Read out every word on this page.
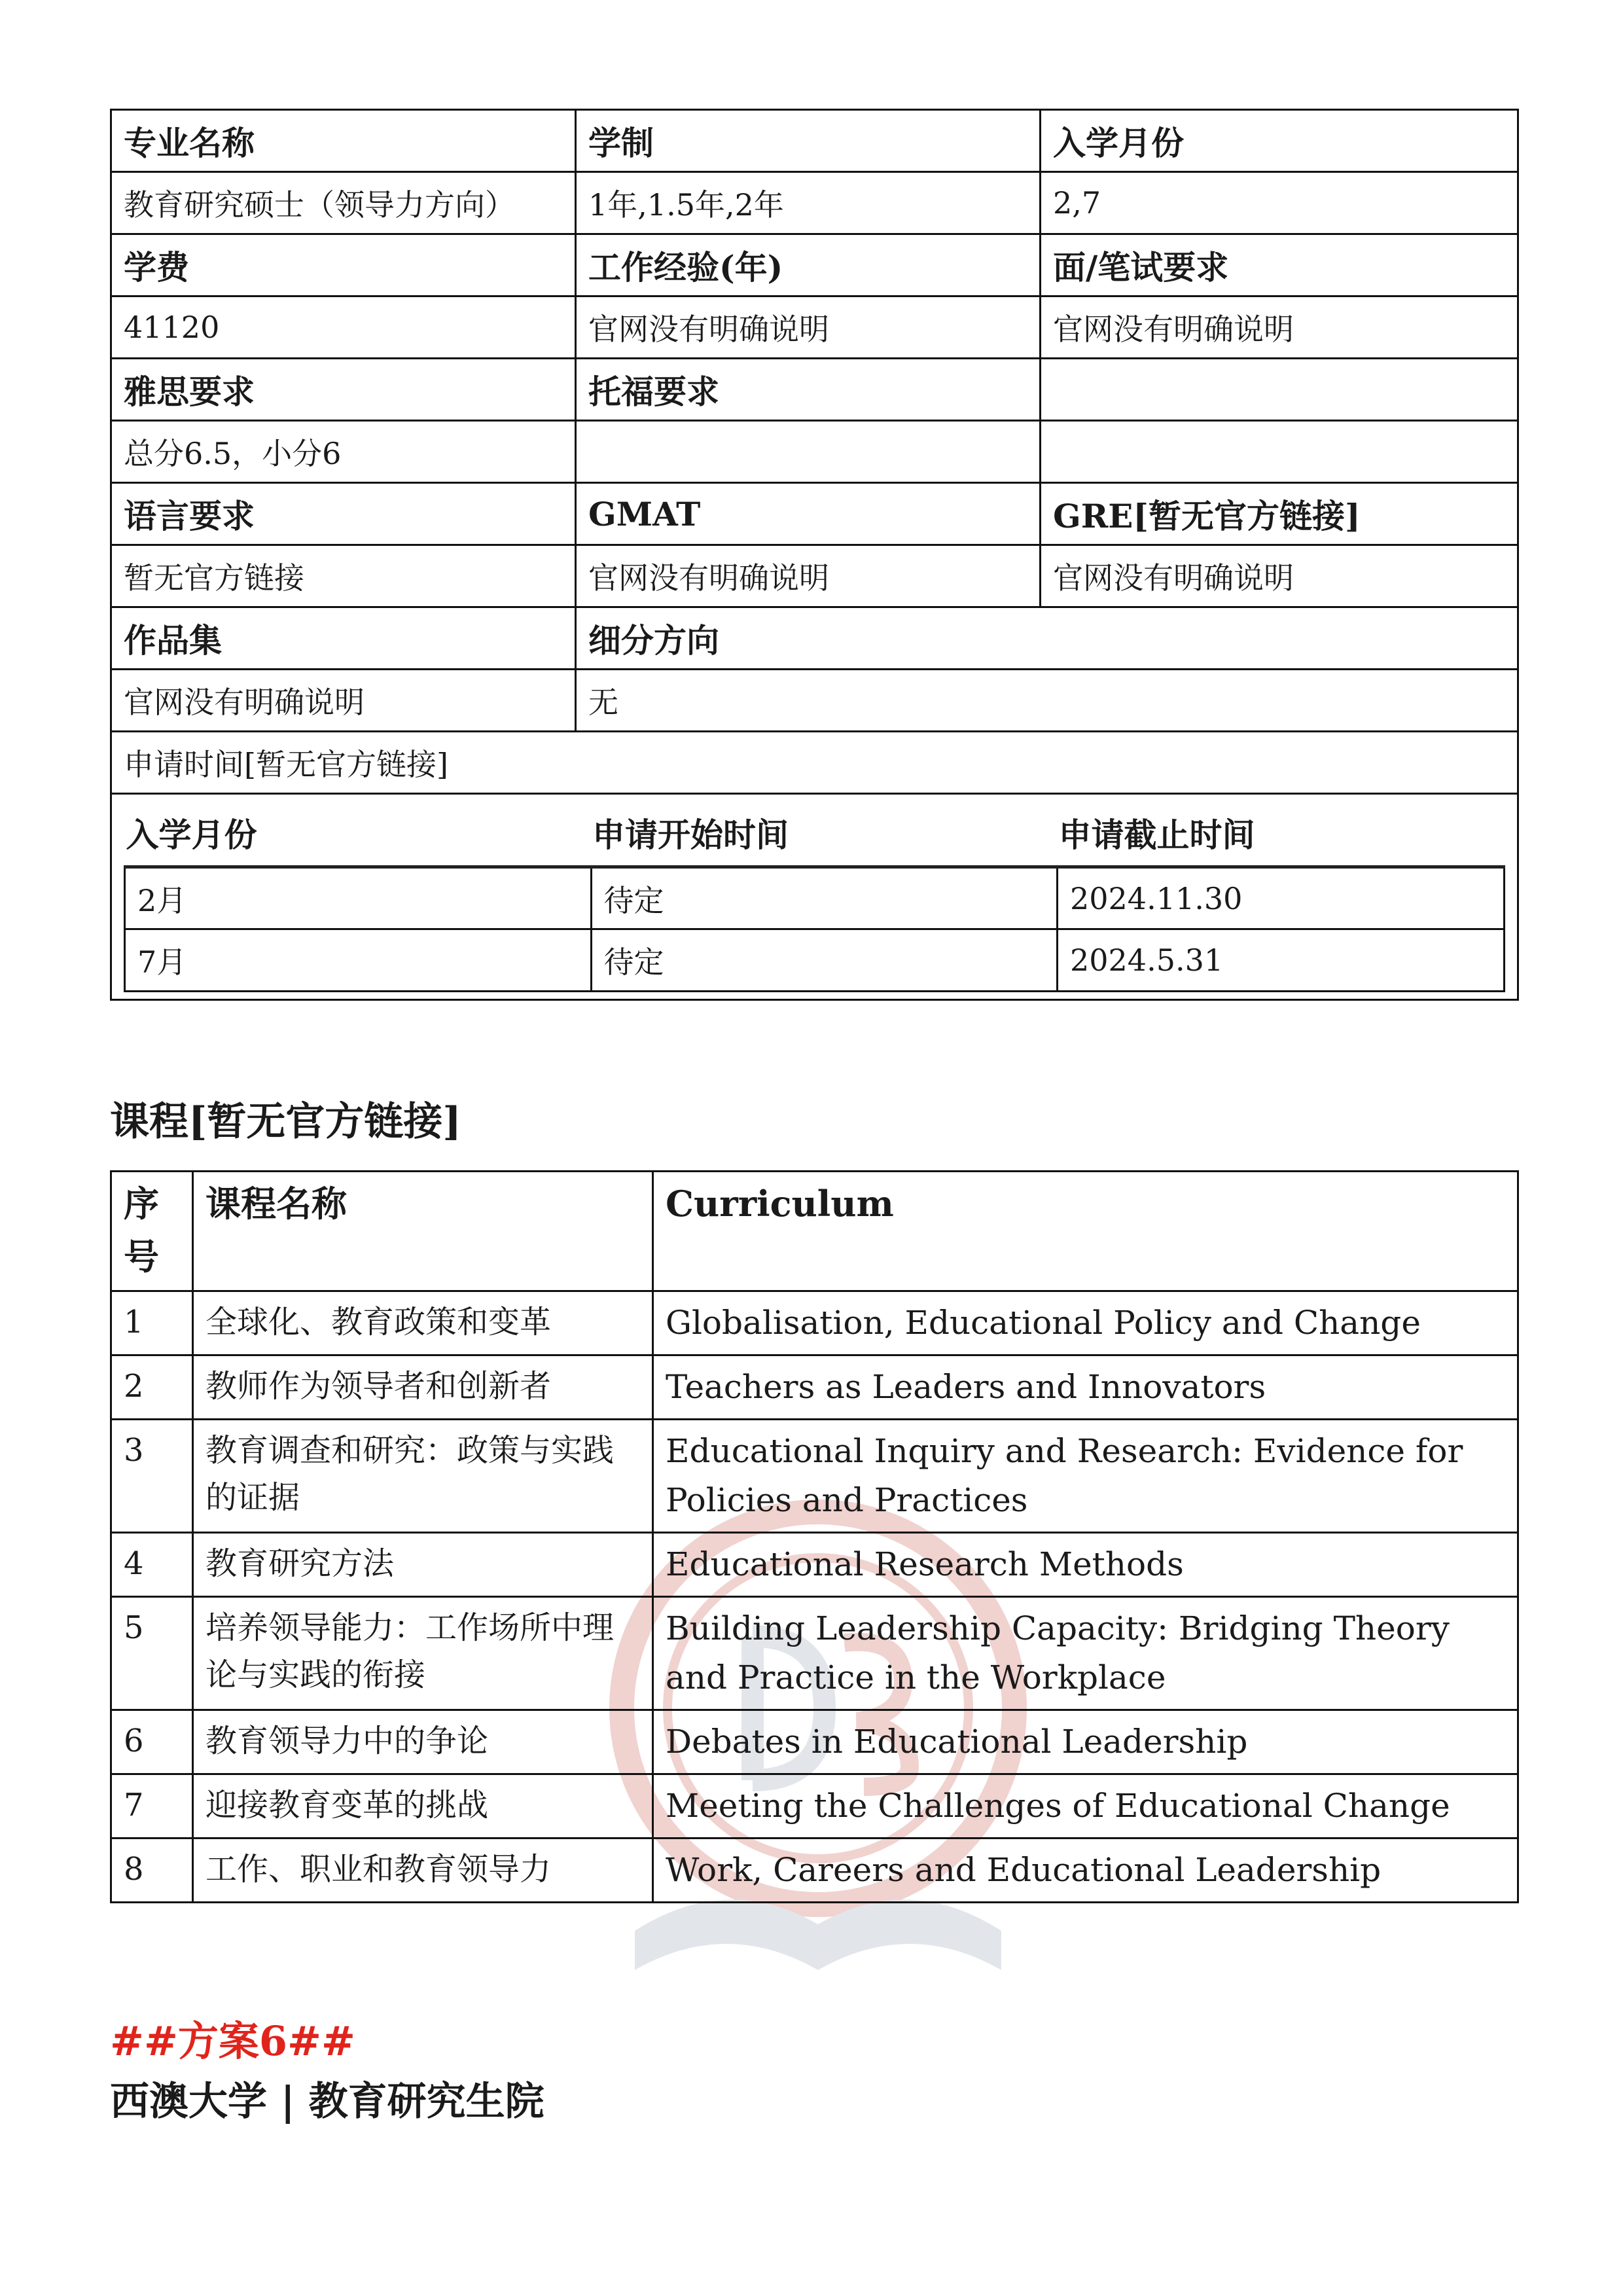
专业名称	学制	入学月份
教育研究硕士（领导力方向）	1年,1.5年,2年	2,7
学费	工作经验(年)	面/笔试要求
41120	官网没有明确说明	官网没有明确说明
雅思要求	托福要求	
总分6.5，小分6		
语言要求	GMAT	GRE[暂无官方链接]
暂无官方链接	官网没有明确说明	官网没有明确说明
作品集	细分方向
官网没有明确说明	无
申请时间[暂无官方链接]

入学月份	申请开始时间	申请截止时间
2月	待定	2024.11.30
7月	待定	2024.5.31
课程[暂无官方链接]
序号	课程名称	Curriculum
1	全球化、教育政策和变革	Globalisation, Educational Policy and Change
2	教师作为领导者和创新者	Teachers as Leaders and Innovators
3	教育调查和研究：政策与实践的证据	Educational Inquiry and Research: Evidence for Policies and Practices
4	教育研究方法	Educational Research Methods
5	培养领导能力：工作场所中理论与实践的衔接	Building Leadership Capacity: Bridging Theory and Practice in the Workplace
6	教育领导力中的争论	Debates in Educational Leadership
7	迎接教育变革的挑战	Meeting the Challenges of Educational Change
8	工作、职业和教育领导力	Work, Careers and Educational Leadership
##方案6##
西澳大学 | 教育研究生院
